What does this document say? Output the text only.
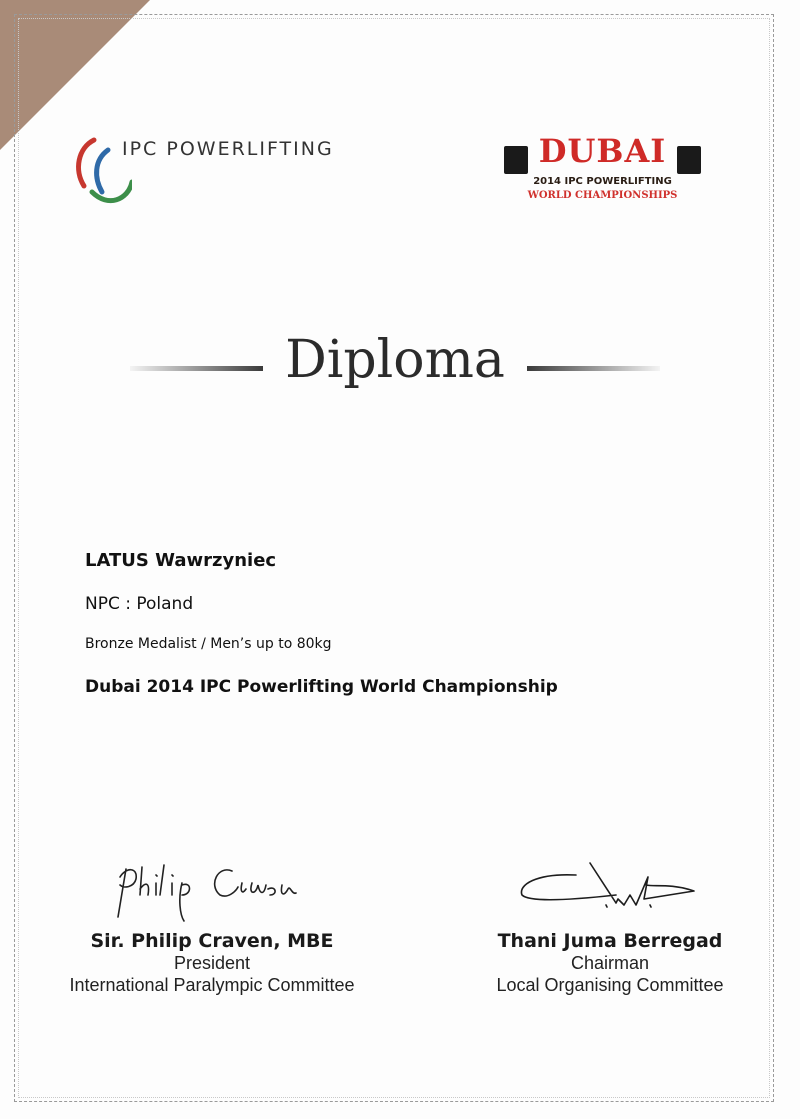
IPC POWERLIFTING	DUBAI
2014 IPC POWERLIFTING
WORLD CHAMPIONSHIPS
Diploma
LATUS Wawrzyniec
NPC : Poland
Bronze Medalist / Men’s up to 80kg
Dubai 2014 IPC Powerlifting World Championship
Sir. Philip Craven, MBE
President
International Paralympic Committee
Thani Juma Berregad
Chairman
Local Organising Committee
